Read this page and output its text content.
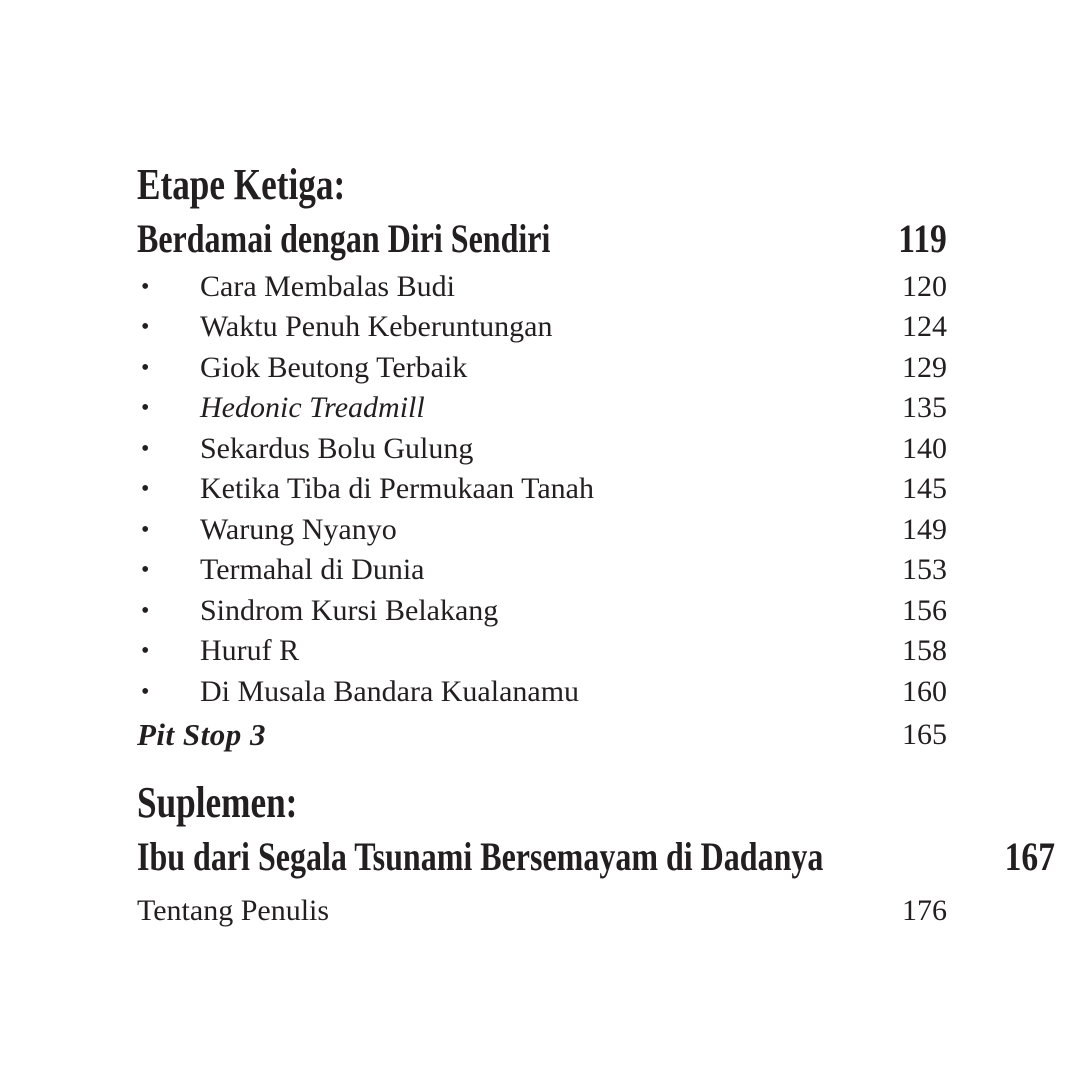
Etape Ketiga:
Berdamai dengan Diri Sendiri	119
•	Cara Membalas Budi	120
•	Waktu Penuh Keberuntungan	124
•	Giok Beutong Terbaik	129
•	Hedonic Treadmill	135
•	Sekardus Bolu Gulung	140
•	Ketika Tiba di Permukaan Tanah	145
•	Warung Nyanyo	149
•	Termahal di Dunia	153
•	Sindrom Kursi Belakang	156
•	Huruf R	158
•	Di Musala Bandara Kualanamu	160
Pit Stop 3	165
Suplemen:
Ibu dari Segala Tsunami Bersemayam di Dadanya	167
Tentang Penulis	176
